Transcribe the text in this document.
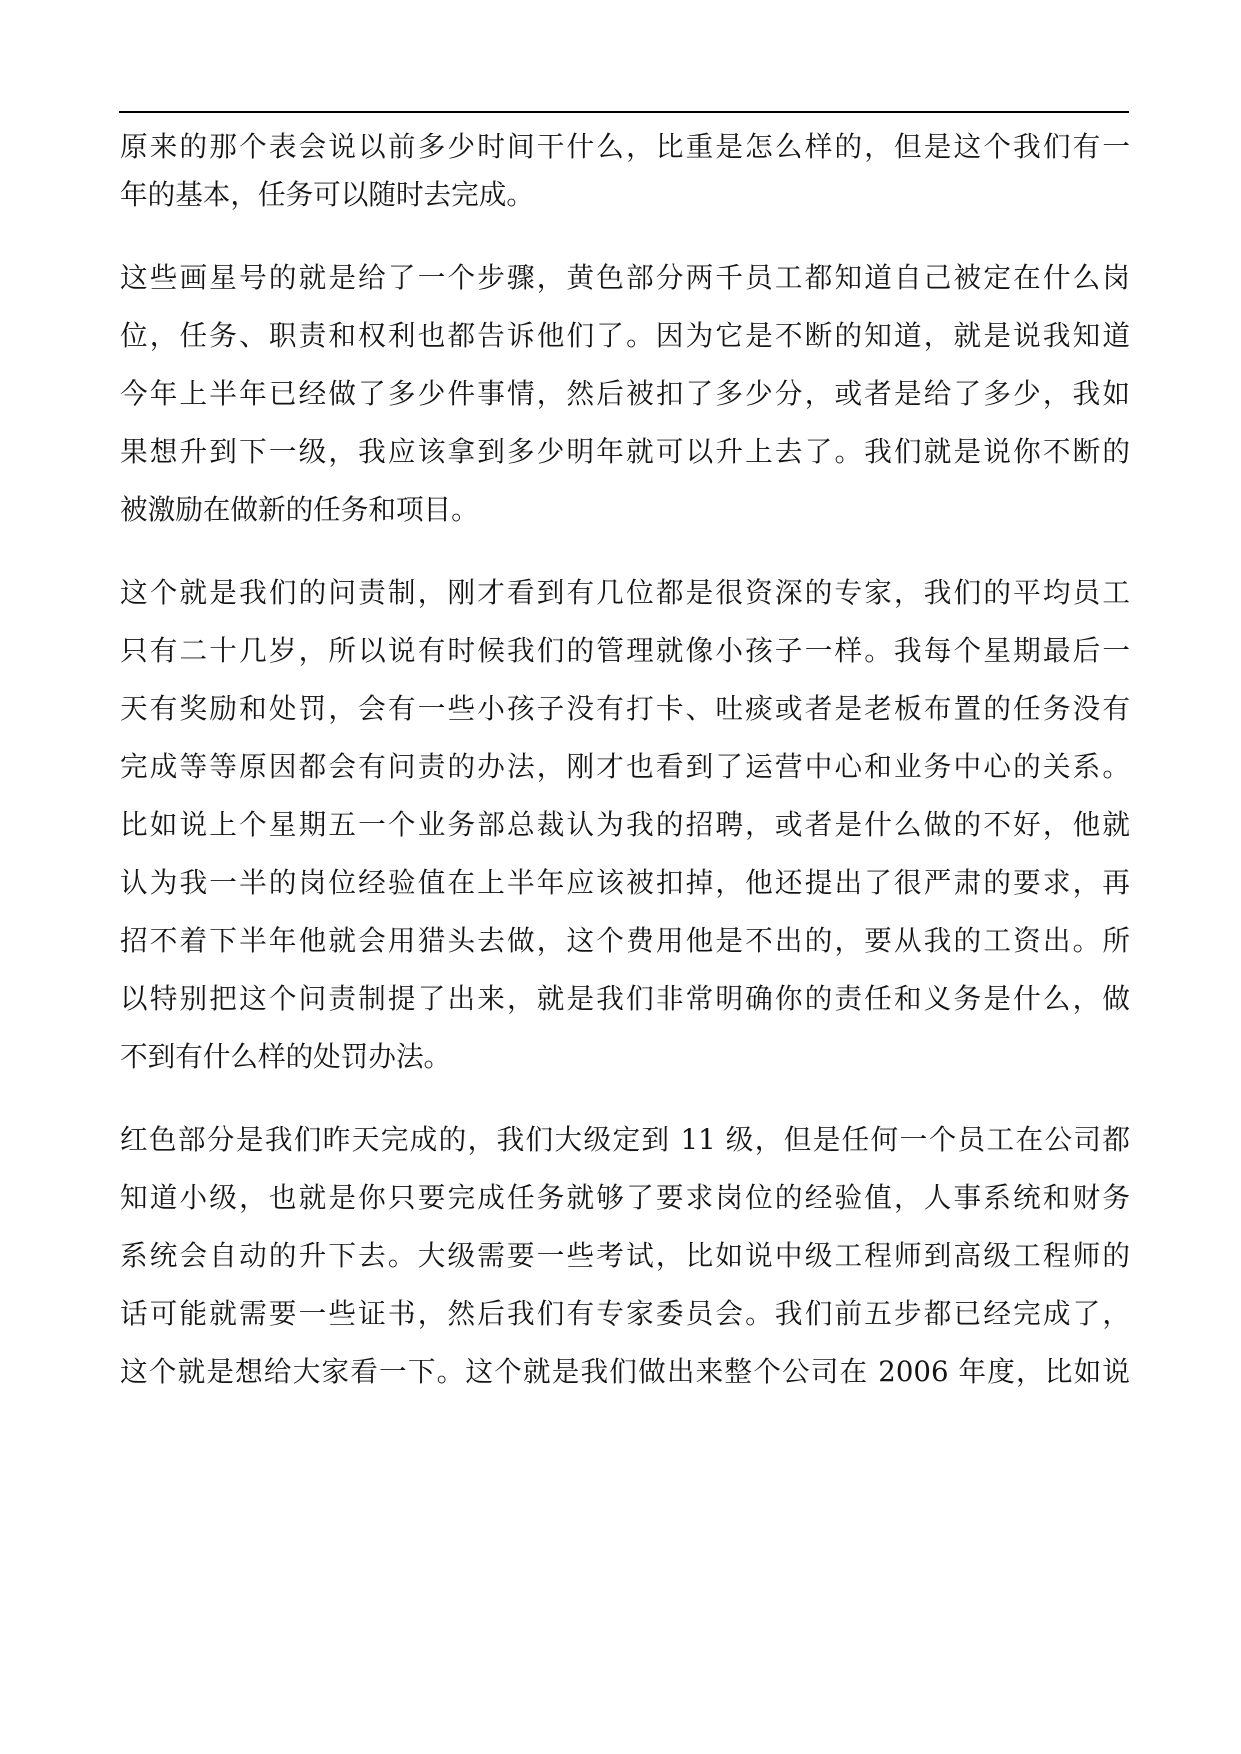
原来的那个表会说以前多少时间干什么，比重是怎么样的，但是这个我们有一
年的基本，任务可以随时去完成。
这些画星号的就是给了一个步骤，黄色部分两千员工都知道自己被定在什么岗
位，任务、职责和权利也都告诉他们了。因为它是不断的知道，就是说我知道
今年上半年已经做了多少件事情，然后被扣了多少分，或者是给了多少，我如
果想升到下一级，我应该拿到多少明年就可以升上去了。我们就是说你不断的
被激励在做新的任务和项目。
这个就是我们的问责制，刚才看到有几位都是很资深的专家，我们的平均员工
只有二十几岁，所以说有时候我们的管理就像小孩子一样。我每个星期最后一
天有奖励和处罚，会有一些小孩子没有打卡、吐痰或者是老板布置的任务没有
完成等等原因都会有问责的办法，刚才也看到了运营中心和业务中心的关系。
比如说上个星期五一个业务部总裁认为我的招聘，或者是什么做的不好，他就
认为我一半的岗位经验值在上半年应该被扣掉，他还提出了很严肃的要求，再
招不着下半年他就会用猎头去做，这个费用他是不出的，要从我的工资出。所
以特别把这个问责制提了出来，就是我们非常明确你的责任和义务是什么，做
不到有什么样的处罚办法。
红色部分是我们昨天完成的，我们大级定到 11 级，但是任何一个员工在公司都
知道小级，也就是你只要完成任务就够了要求岗位的经验值，人事系统和财务
系统会自动的升下去。大级需要一些考试，比如说中级工程师到高级工程师的
话可能就需要一些证书，然后我们有专家委员会。我们前五步都已经完成了，
这个就是想给大家看一下。这个就是我们做出来整个公司在 2006 年度，比如说
